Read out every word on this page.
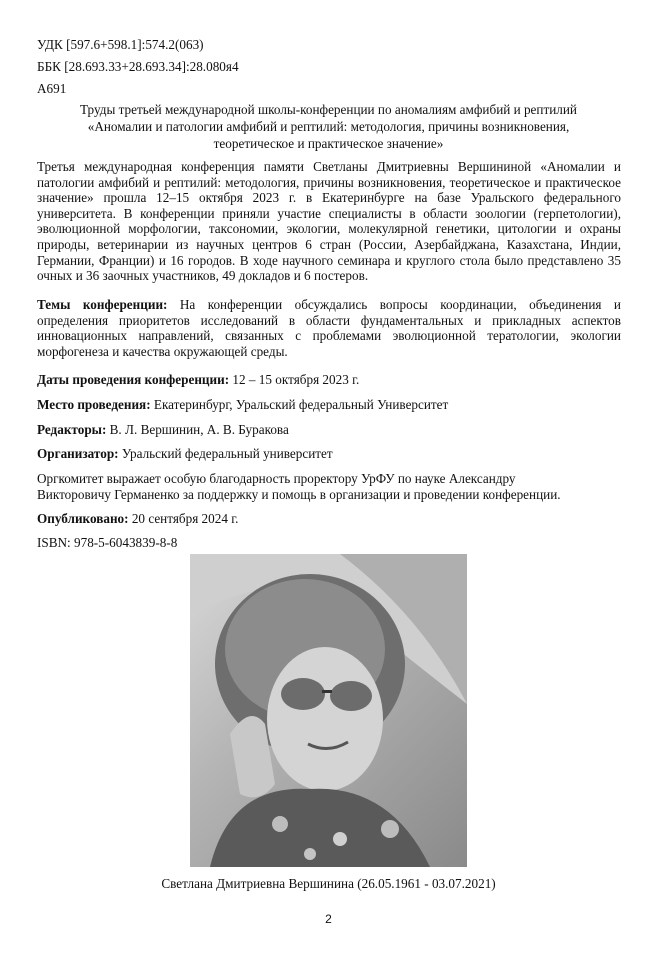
УДК [597.6+598.1]:574.2(063)
ББК [28.693.33+28.693.34]:28.080я4
А691
Труды третьей международной школы-конференции по аномалиям амфибий и рептилий
«Аномалии и патологии амфибий и рептилий: методология, причины возникновения,
теоретическое и практическое значение»

Третья международная конференция памяти Светланы Дмитриевны Вершининой «Аномалии и патологии амфибий и рептилий: методология, причины возникновения, теоретическое и практическое значение» прошла 12–15 октября 2023 г. в Екатеринбурге на базе Уральского федерального университета. В конференции приняли участие специалисты в области зоологии (герпетологии), эволюционной морфологии, таксономии, экологии, молекулярной генетики, цитологии и охраны природы, ветеринарии из научных центров 6 стран (России, Азербайджана, Казахстана, Индии, Германии, Франции) и 16 городов. В ходе научного семинара и круглого стола было представлено 35 очных и 36 заочных участников, 49 докладов и 6 постеров.

Темы конференции: На конференции обсуждались вопросы координации, объединения и определения приоритетов исследований в области фундаментальных и прикладных аспектов инновационных направлений, связанных с проблемами эволюционной тератологии, экологии морфогенеза и качества окружающей среды.

Даты проведения конференции: 12 – 15 октября 2023 г.
Место проведения: Екатеринбург, Уральский федеральный Университет
Редакторы: В. Л. Вершинин, А. В. Буракова
Организатор: Уральский федеральный университет
Оргкомитет выражает особую благодарность проректору УрФУ по науке Александру
Викторовичу Германенко за поддержку и помощь в организации и проведении конференции.
Опубликовано: 20 сентября 2024 г.
ISBN: 978-5-6043839-8-8
Светлана Дмитриевна Вершинина (26.05.1961 - 03.07.2021)
2
